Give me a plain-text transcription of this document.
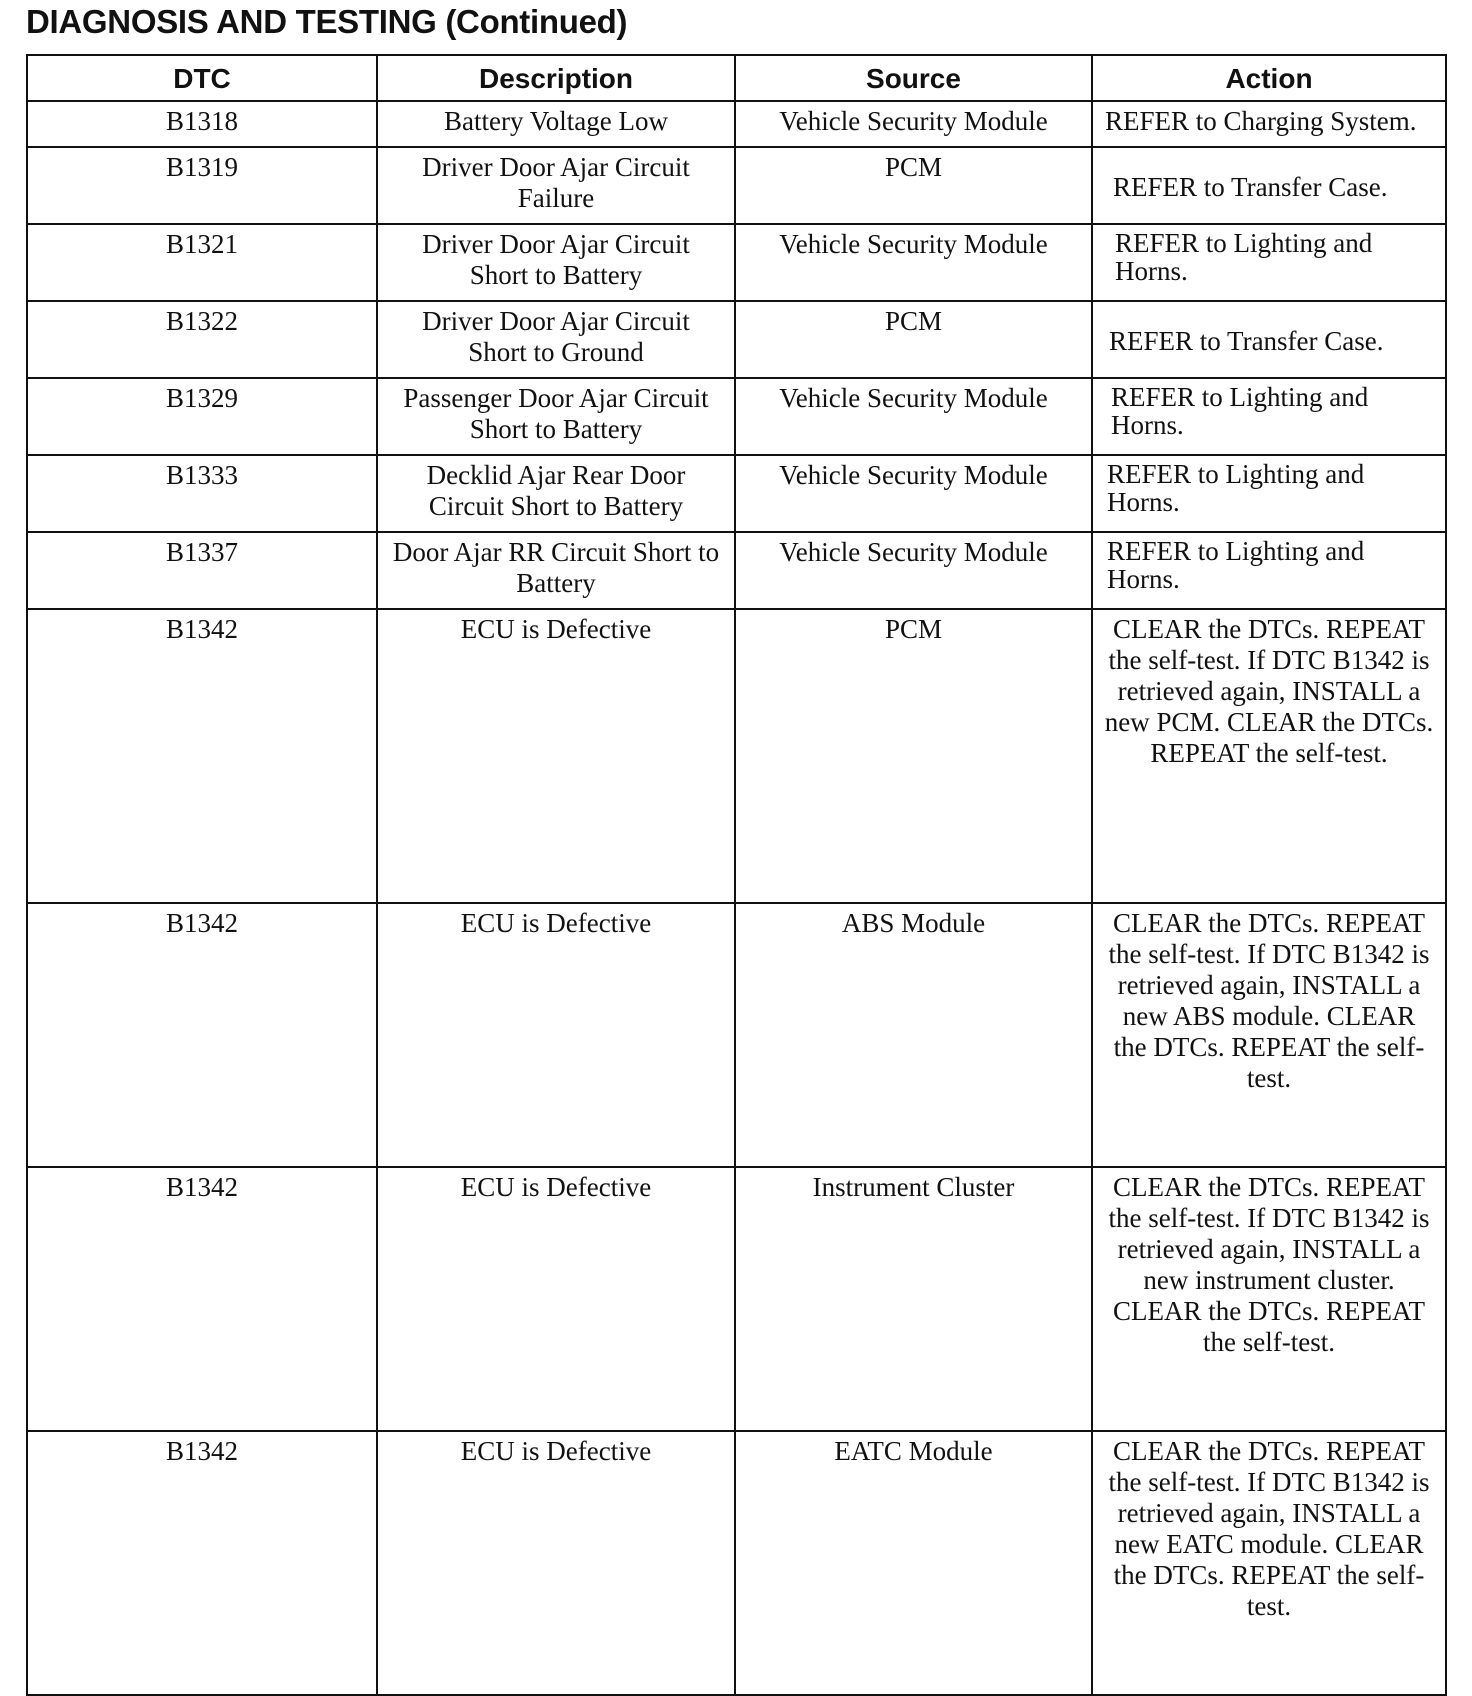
DIAGNOSIS AND TESTING (Continued)
DTC	Description	Source	Action
B1318	Battery Voltage Low	Vehicle Security Module	REFER to Charging System.
B1319	Driver Door Ajar Circuit Failure	PCM	REFER to Transfer Case.
B1321	Driver Door Ajar Circuit Short to Battery	Vehicle Security Module	REFER to Lighting and Horns.
B1322	Driver Door Ajar Circuit Short to Ground	PCM	REFER to Transfer Case.
B1329	Passenger Door Ajar Circuit Short to Battery	Vehicle Security Module	REFER to Lighting and Horns.
B1333	Decklid Ajar Rear Door Circuit Short to Battery	Vehicle Security Module	REFER to Lighting and Horns.
B1337	Door Ajar RR Circuit Short to Battery	Vehicle Security Module	REFER to Lighting and Horns.
B1342	ECU is Defective	PCM	CLEAR the DTCs. REPEAT the self-test. If DTC B1342 is retrieved again, INSTALL a new PCM. CLEAR the DTCs. REPEAT the self-test.
B1342	ECU is Defective	ABS Module	CLEAR the DTCs. REPEAT the self-test. If DTC B1342 is retrieved again, INSTALL a new ABS module. CLEAR the DTCs. REPEAT the self-test.
B1342	ECU is Defective	Instrument Cluster	CLEAR the DTCs. REPEAT the self-test. If DTC B1342 is retrieved again, INSTALL a new instrument cluster. CLEAR the DTCs. REPEAT the self-test.
B1342	ECU is Defective	EATC Module	CLEAR the DTCs. REPEAT the self-test. If DTC B1342 is retrieved again, INSTALL a new EATC module. CLEAR the DTCs. REPEAT the self-test.
